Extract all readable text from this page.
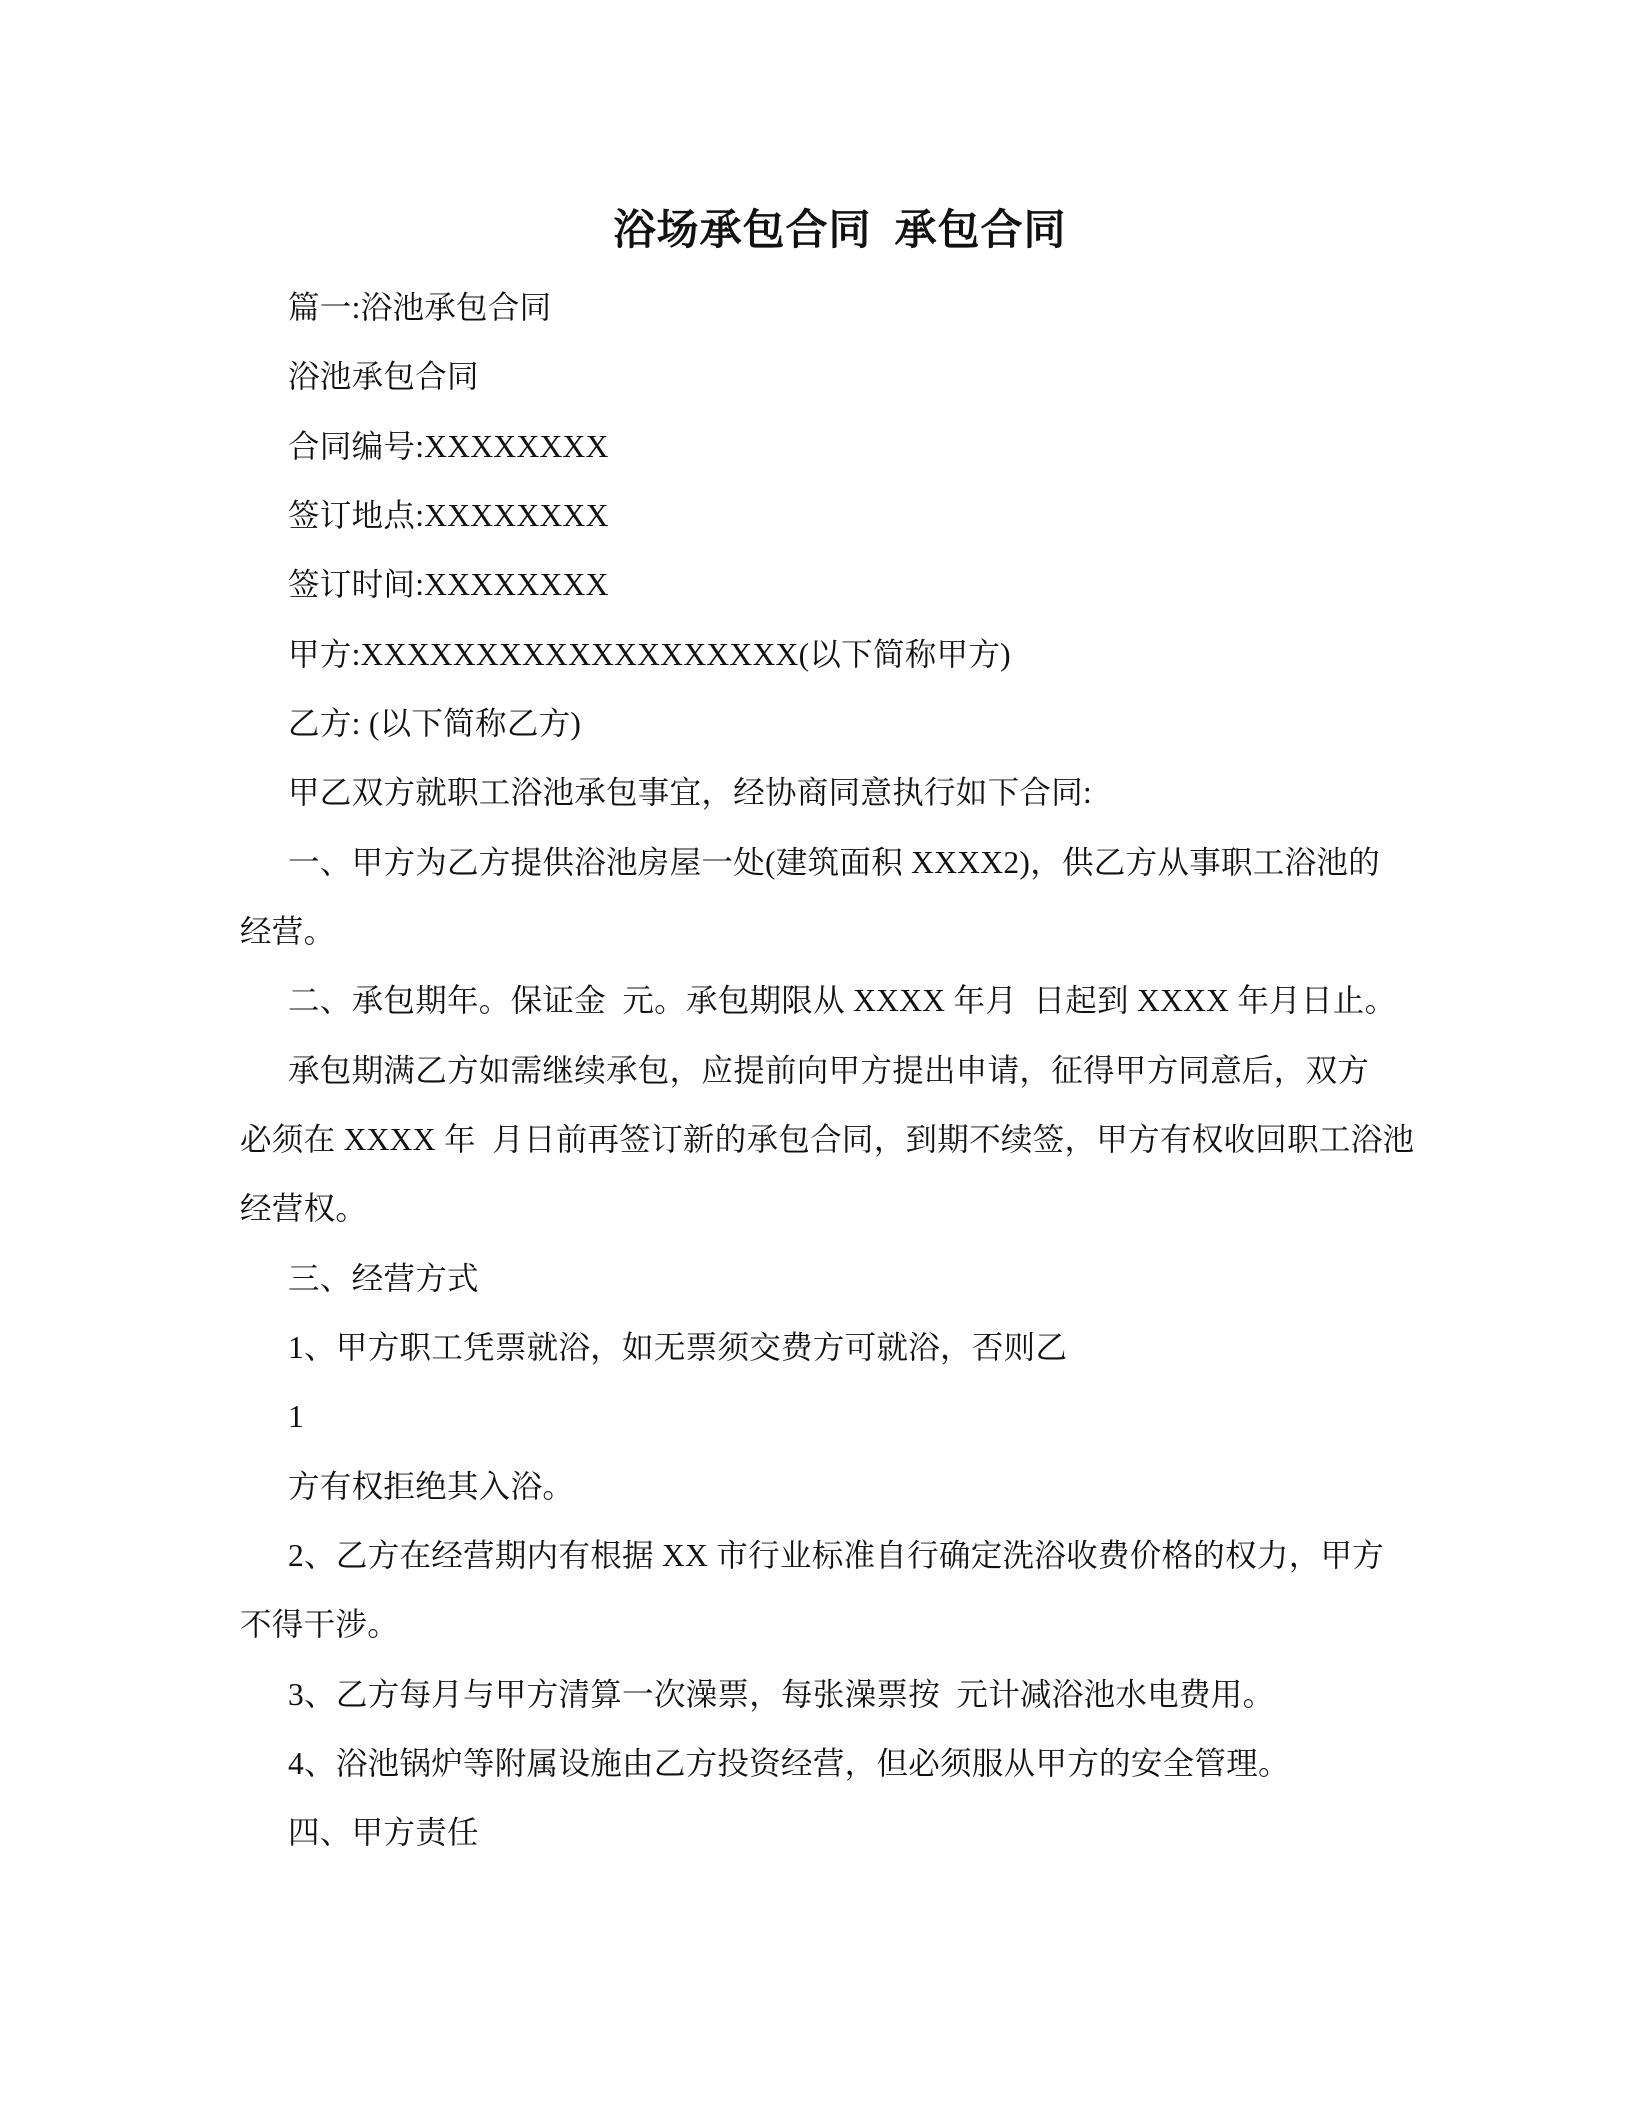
浴场承包合同  承包合同
篇一:浴池承包合同
浴池承包合同
合同编号:XXXXXXXX
签订地点:XXXXXXXX
签订时间:XXXXXXXX
甲方:XXXXXXXXXXXXXXXXXXX(以下简称甲方)
乙方: (以下简称乙方)
甲乙双方就职工浴池承包事宜，经协商同意执行如下合同:
一、甲方为乙方提供浴池房屋一处(建筑面积 XXXX2)，供乙方从事职工浴池的
经营。
二、承包期年。保证金  元。承包期限从 XXXX 年月  日起到 XXXX 年月日止。
承包期满乙方如需继续承包，应提前向甲方提出申请，征得甲方同意后，双方
必须在 XXXX 年  月日前再签订新的承包合同，到期不续签，甲方有权收回职工浴池
经营权。
三、经营方式
1、甲方职工凭票就浴，如无票须交费方可就浴，否则乙
1
方有权拒绝其入浴。
2、乙方在经营期内有根据 XX 市行业标准自行确定洗浴收费价格的权力，甲方
不得干涉。
3、乙方每月与甲方清算一次澡票，每张澡票按  元计减浴池水电费用。
4、浴池锅炉等附属设施由乙方投资经营，但必须服从甲方的安全管理。
四、甲方责任
